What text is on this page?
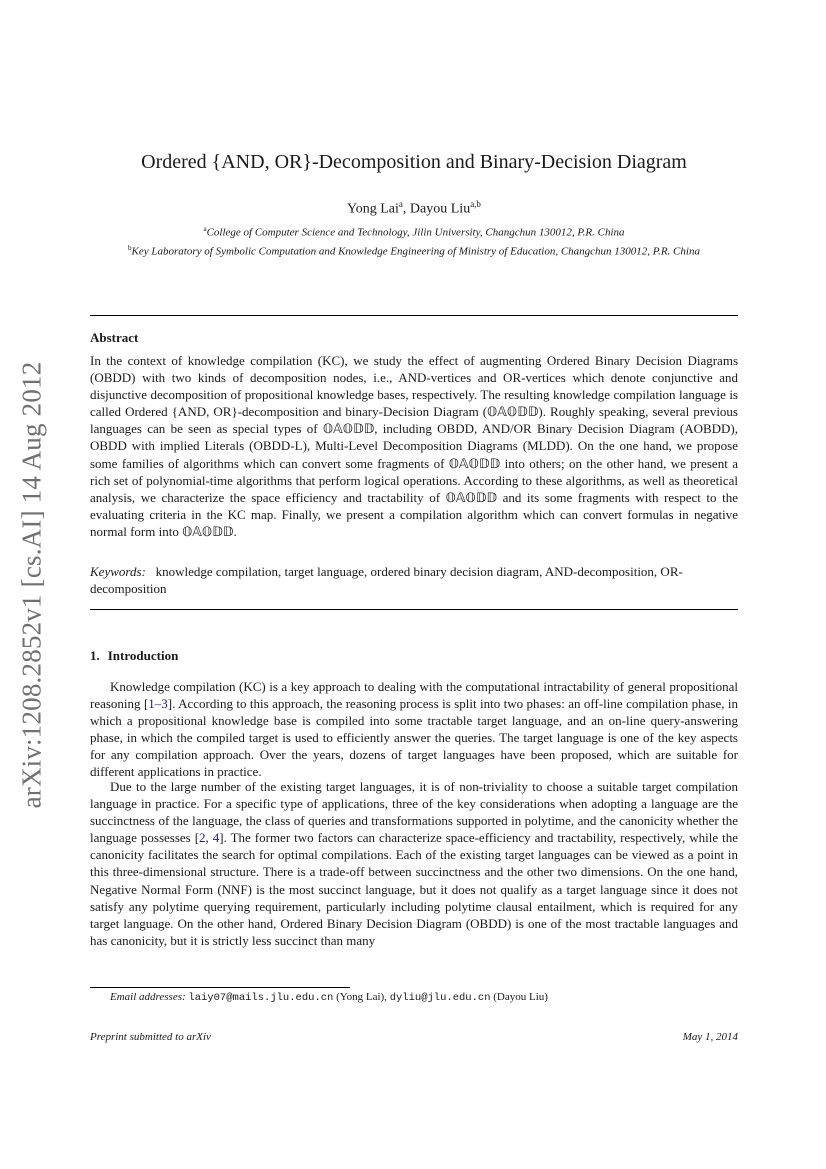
arXiv:1208.2852v1 [cs.AI] 14 Aug 2012
Ordered {AND, OR}-Decomposition and Binary-Decision Diagram
Yong Lai$^a$, Dayou Liu$^{a,b}$
$^a$College of Computer Science and Technology, Jilin University, Changchun 130012, P.R. China
$^b$Key Laboratory of Symbolic Computation and Knowledge Engineering of Ministry of Education, Changchun 130012, P.R. China
Abstract

In the context of knowledge compilation (KC), we study the effect of augmenting Ordered Binary Decision Diagrams (OBDD) with two kinds of decomposition nodes, i.e., AND-vertices and OR-vertices which denote conjunctive and disjunctive decomposition of propositional knowledge bases, respectively. The resulting knowledge compilation language is called Ordered {AND, OR}-decomposition and binary-Decision Diagram (𝕆𝔸𝕆𝔻𝔻). Roughly speaking, several previous languages can be seen as special types of 𝕆𝔸𝕆𝔻𝔻, including OBDD, AND/OR Binary Decision Diagram (AOBDD), OBDD with implied Literals (OBDD-L), Multi-Level Decomposition Diagrams (MLDD). On the one hand, we propose some families of algorithms which can convert some fragments of 𝕆𝔸𝕆𝔻𝔻 into others; on the other hand, we present a rich set of polynomial-time algorithms that perform logical operations. According to these algorithms, as well as theoretical analysis, we characterize the space efficiency and tractability of 𝕆𝔸𝕆𝔻𝔻 and its some fragments with respect to the evaluating criteria in the KC map. Finally, we present a compilation algorithm which can convert formulas in negative normal form into 𝕆𝔸𝕆𝔻𝔻.

Keywords: knowledge compilation, target language, ordered binary decision diagram, AND-decomposition, OR-decomposition
1. Introduction

Knowledge compilation (KC) is a key approach to dealing with the computational intractability of general propositional reasoning [1–3]. According to this approach, the reasoning process is split into two phases: an off-line compilation phase, in which a propositional knowledge base is compiled into some tractable target language, and an on-line query-answering phase, in which the compiled target is used to efficiently answer the queries. The target language is one of the key aspects for any compilation approach. Over the years, dozens of target languages have been proposed, which are suitable for different applications in practice.

Due to the large number of the existing target languages, it is of non-triviality to choose a suitable target compilation language in practice. For a specific type of applications, three of the key considerations when adopting a language are the succinctness of the language, the class of queries and transformations supported in polytime, and the canonicity whether the language possesses [2, 4]. The former two factors can characterize space-efficiency and tractability, respectively, while the canonicity facilitates the search for optimal compilations. Each of the existing target languages can be viewed as a point in this three-dimensional structure. There is a trade-off between succinctness and the other two dimensions. On the one hand, Negative Normal Form (NNF) is the most succinct language, but it does not qualify as a target language since it does not satisfy any polytime querying requirement, particularly including polytime clausal entailment, which is required for any target language. On the other hand, Ordered Binary Decision Diagram (OBDD) is one of the most tractable languages and has canonicity, but it is strictly less succinct than many

Email addresses: laiy07@mails.jlu.edu.cn (Yong Lai), dyliu@jlu.edu.cn (Dayou Liu)
Preprint submitted to arXiv	May 1, 2014
